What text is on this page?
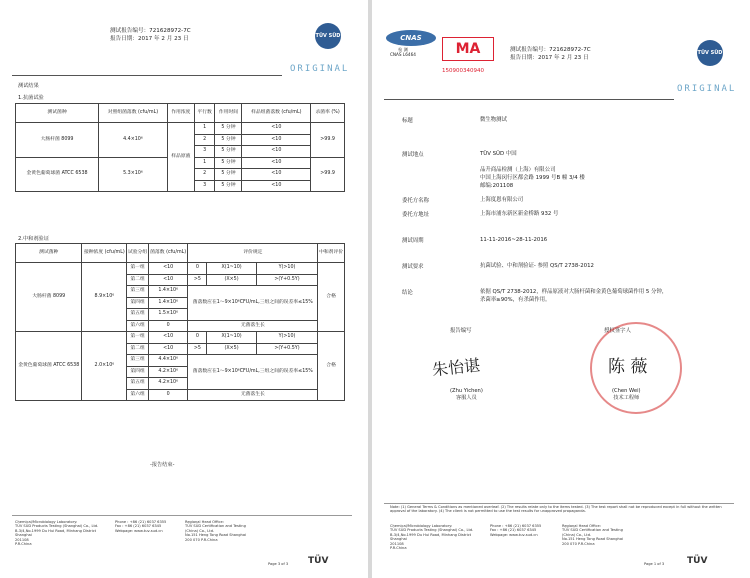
测试报告编号：721628972-7C
报告日期：2017 年 2 月 23 日	TÜV SÜD
ORIGINAL
测试结果
1.抗菌试验
测试菌种	对照组菌落数 (cfu/mL)	作用浓度	平行数	作用时间	样品组菌落数 (cfu/mL)	杀菌率 (%)
大肠杆菌 8099	4.4×10⁶	样品原液	1	5 分钟	<10	>99.9
			2	5 分钟	<10	
			3	5 分钟	<10	
金黄色葡萄球菌 ATCC 6538	5.3×10⁶		1	5 分钟	<10	>99.9
			2	5 分钟	<10	
			3	5 分钟	<10	
2.中和剂验证
测试菌种	接种浓度 (cfu/mL)	试验分组	菌落数 (cfu/mL)	评价规定			中和剂评价
大肠杆菌 8099	8.9×10⁶	第一组	<10	0	X(1~10)	Y(>10)	合格
		第二组	<10	>5	(X×5)	>(Y+0.5Y)	
		第三组	1.4×10⁶	菌落数应在1～9×10⁶CFU/mL,三组之间的误差率≤15%			
		第四组	1.4×10⁶				
		第五组	1.5×10⁶				
		第六组	0	无菌落生长			
金黄色葡萄球菌 ATCC 6538	2.0×10⁶	第一组	<10	0	X(1~10)	Y(>10)	合格
		第二组	<10	>5	(X×5)	>(Y+0.5Y)	
		第三组	4.4×10⁶	菌落数应在1～9×10⁶CFU/mL,三组之间的误差率≤15%			
		第四组	4.2×10⁶				
		第五组	4.2×10⁶				
		第六组	0	无菌落生长			
-报告结束-
Chemical/Microbiology Laboratory:
TÜV SÜD Products Testing (Shanghai) Co., Ltd.
B-3/4,No.1999 Du Hui Road, Minhang District
Shanghai
201108
P.R.China
Phone : +86 (21) 6037 6355
Fax : +86 (21) 6037 6345
Webpage: www.tuv-sud.cn
Regional Head Office:
TÜV SÜD Certification and Testing
(China) Co., Ltd.
No.151 Heng Tong Road Shanghai
200 070 P.R.China
Page 3 of 3 TÜV
CNAS
检 测
CNAS L6464	MA
150900340940
测试报告编号：721628972-7C
报告日期：2017 年 2 月 23 日
TÜV SÜD
ORIGINAL
标题	微生物测试
测试地点	TÜV SÜD 中国

品升商品检测（上海）有限公司
中国上海闵行区都会路 1999 号B 幢 3/4 楼
邮编:201108
委托方名称	上海度恩有限公司
委托方地址	上海市浦东新区新金桥路 932 号
测试周期	11-11-2016~28-11-2016
测试要求	抗菌试验、中和剂验证- 参照 QS/T 2738-2012
结论	依据 QS/T 2738-2012，样品原液对大肠杆菌和金黄色葡萄球菌作用 5 分钟，
杀菌率≥90%，有杀菌作用。
报告编写	授权签字人
朱怡谌	陈 薇
(Zhu Yichen)
客服人员
(Chen Wei)
技术工程师
Note: (1) General Terms & Conditions as mentioned overleaf. (2) The results relate only to the items tested. (3) The test report shall not be reproduced except in full without the written approval of the laboratory. (4) The client is not permitted to use the test results for unapproved propaganda.
Chemical/Microbiology Laboratory:
TÜV SÜD Products Testing (Shanghai) Co., Ltd.
B-3/4,No.1999 Du Hui Road, Minhang District
Shanghai
201108
P.R.China
Phone : +86 (21) 6037 6355
Fax : +86 (21) 6037 6345
Webpage: www.tuv-sud.cn
Regional Head Office:
TÜV SÜD Certification and Testing
(China) Co., Ltd.
No.151 Heng Tong Road Shanghai
200 070 P.R.China
Page 1 of 3	TÜV
